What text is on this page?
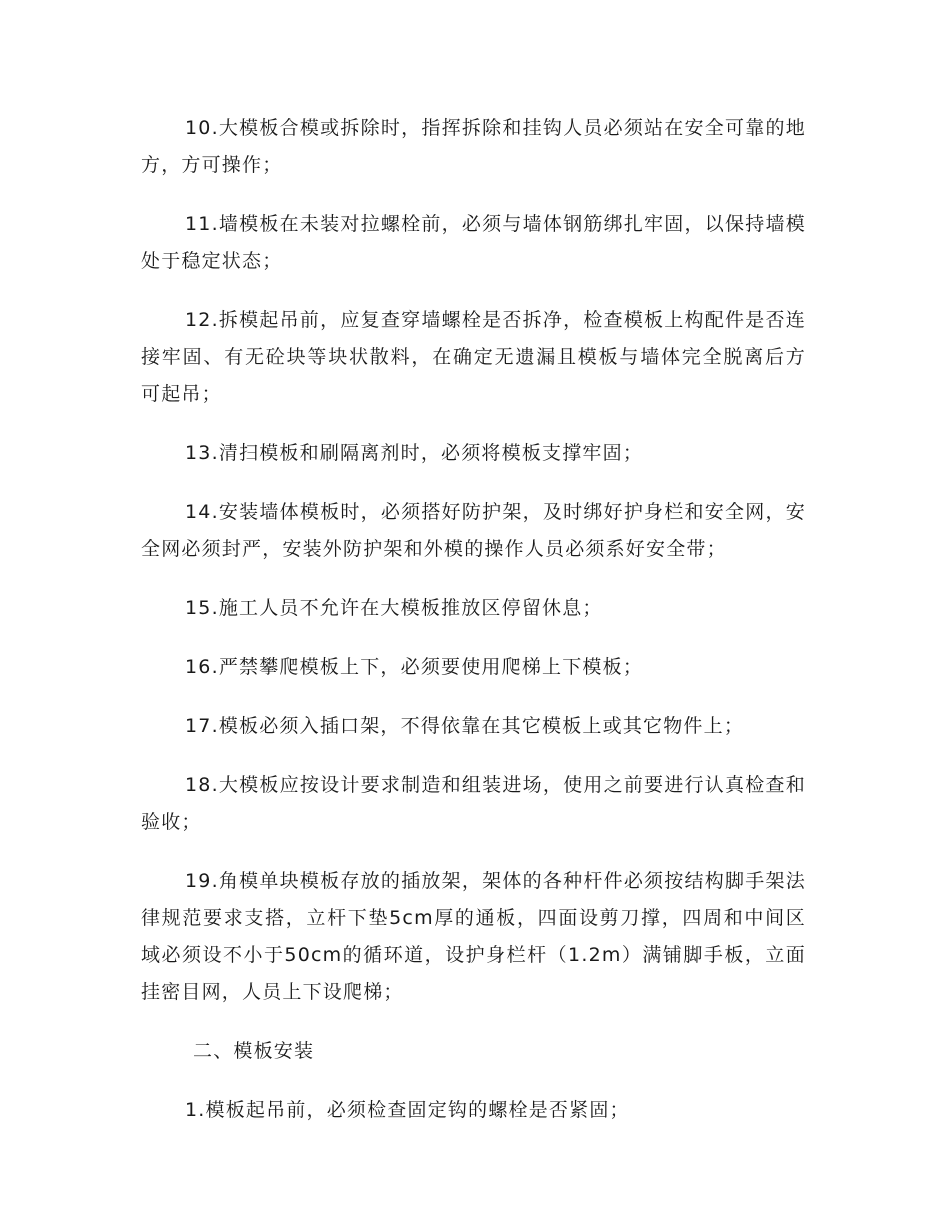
10.大模板合模或拆除时，指挥拆除和挂钩人员必须站在安全可靠的地方，方可操作；

11.墙模板在未装对拉螺栓前，必须与墙体钢筋绑扎牢固，以保持墙模处于稳定状态；

12.拆模起吊前，应复查穿墙螺栓是否拆净，检查模板上构配件是否连接牢固、有无砼块等块状散料，在确定无遗漏且模板与墙体完全脱离后方可起吊；

13.清扫模板和刷隔离剂时，必须将模板支撑牢固；

14.安装墙体模板时，必须搭好防护架，及时绑好护身栏和安全网，安全网必须封严，安装外防护架和外模的操作人员必须系好安全带；

15.施工人员不允许在大模板推放区停留休息；

16.严禁攀爬模板上下，必须要使用爬梯上下模板；

17.模板必须入插口架，不得依靠在其它模板上或其它物件上；

18.大模板应按设计要求制造和组装进场，使用之前要进行认真检查和验收；

19.角模单块模板存放的插放架，架体的各种杆件必须按结构脚手架法律规范要求支搭，立杆下垫5cm厚的通板，四面设剪刀撑，四周和中间区域必须设不小于50cm的循环道，设护身栏杆（1.2m）满铺脚手板，立面挂密目网，人员上下设爬梯；

二、模板安装

1.模板起吊前，必须检查固定钩的螺栓是否紧固；
